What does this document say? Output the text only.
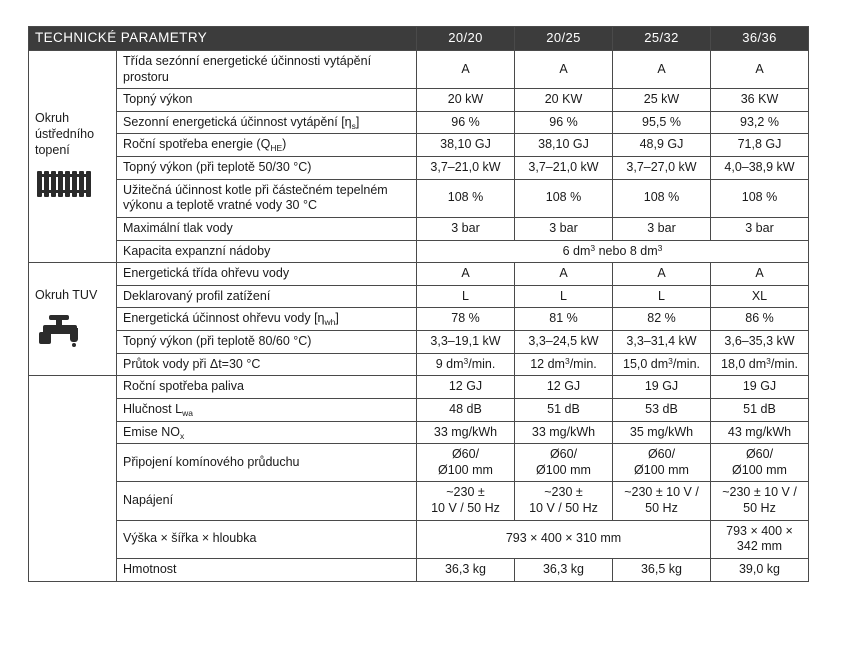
TECHNICKÉ PARAMETRY		20/20	20/25	25/32	36/36

Okruh
ústředního
topení	Třída sezónní energetické účinnosti vytápění prostoru	A	A	A	A
	Topný výkon	20 kW	20 KW	25 kW	36 KW
	Sezonní energetická účinnost vytápění $[\eta_s]$	96 %	96 %	95,5 %	93,2 %
	Roční spotřeba energie $(Q_{HE})$	38,10 GJ	38,10 GJ	48,9 GJ	71,8 GJ
	Topný výkon (při teplotě 50/30 °C)	3,7–21,0 kW	3,7–21,0 kW	3,7–27,0 kW	4,0–38,9 kW
	Užitečná účinnost kotle při částečném tepelném výkonu a teplotě vratné vody 30 °C	108 %	108 %	108 %	108 %
	Maximální tlak vody	3 bar	3 bar	3 bar	3 bar
	Kapacita expanzní nádoby	6 $dm^3$ nebo 8 $dm^3$

Okruh TUV	Energetická třída ohřevu vody	A	A	A	A
	Deklarovaný profil zatížení	L	L	L	XL
	Energetická účinnost ohřevu vody $[\eta_{wh}]$	78 %	81 %	82 %	86 %
	Topný výkon (při teplotě 80/60 °C)	3,3–19,1 kW	3,3–24,5 kW	3,3–31,4 kW	3,6–35,3 kW
	Průtok vody při Δt=30 °C	9 $dm^3/\min$.	12 $dm^3/\min$.	15,0 $dm^3/\min$.	18,0 $dm^3/\min$.
	Roční spotřeba paliva	12 GJ	12 GJ	19 GJ	19 GJ
	Hlučnost $L_{wa}$	48 dB	51 dB	53 dB	51 dB
	Emise $NO_x$	33 mg/kWh	33 mg/kWh	35 mg/kWh	43 mg/kWh
	Připojení komínového průduchu	Ø60/
Ø100 mm	Ø60/
Ø100 mm	Ø60/
Ø100 mm	Ø60/
Ø100 mm
	Napájení	~230 ±
10 V / 50 Hz	~230 ±
10 V / 50 Hz	~230 ± 10 V /
50 Hz	~230 ± 10 V /
50 Hz
	Výška × šířka × hloubka	793 × 400 × 310 mm			793 × 400 ×
342 mm
	Hmotnost	36,3 kg	36,3 kg	36,5 kg	39,0 kg
